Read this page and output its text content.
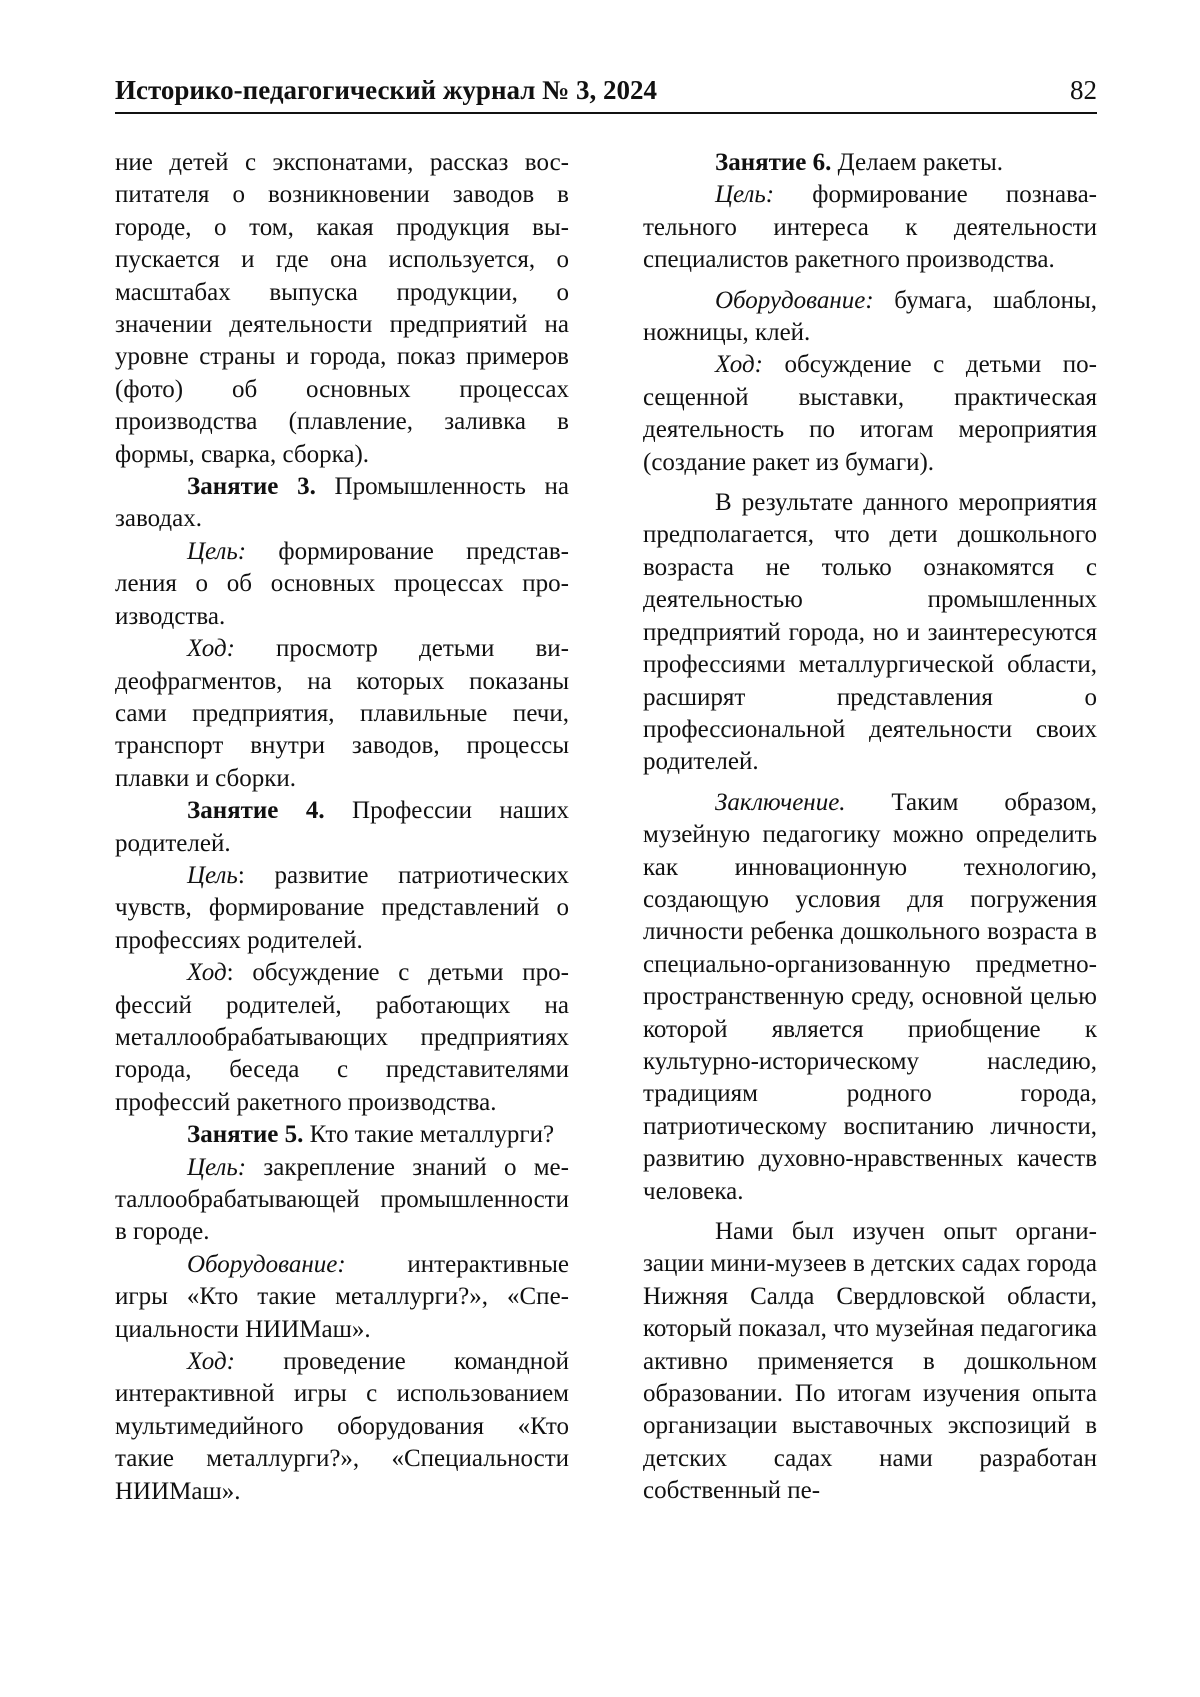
Историко-педагогический журнал № 3, 2024	82

ние детей с экспонатами, рассказ воспитателя о возникновении заводов в городе, о том, какая продукция выпускается и где она используется, о масштабах выпуска продукции, о значении деятельности предприятий на уровне страны и города, показ примеров (фото) об основных процессах производства (плавление, заливка в формы, сварка, сборка).

Занятие 3. Промышленность на заводах.

Цель: формирование представления о об основных процессах производства.

Ход: просмотр детьми видеофрагментов, на которых показаны сами предприятия, плавильные печи, транспорт внутри заводов, процессы плавки и сборки.

Занятие 4. Профессии наших родителей.

Цель: развитие патриотических чувств, формирование представлений о профессиях родителей.

Ход: обсуждение с детьми профессий родителей, работающих на металлообрабатывающих предприятиях города, беседа с представителями профессий ракетного производства.

Занятие 5. Кто такие металлурги?

Цель: закрепление знаний о металлообрабатывающей промышленности в городе.

Оборудование: интерактивные игры «Кто такие металлурги?», «Специальности НИИМаш».

Ход: проведение командной интерактивной игры с использованием мультимедийного оборудования «Кто такие металлурги?», «Специальности НИИМаш».

Занятие 6. Делаем ракеты.

Цель: формирование познавательного интереса к деятельности специалистов ракетного производства.

Оборудование: бумага, шаблоны, ножницы, клей.

Ход: обсуждение с детьми посещенной выставки, практическая деятельность по итогам мероприятия (создание ракет из бумаги).

В результате данного мероприятия предполагается, что дети дошкольного возраста не только ознакомятся с деятельностью промышленных предприятий города, но и заинтересуются профессиями металлургической области, расширят представления о профессиональной деятельности своих родителей.

Заключение. Таким образом, музейную педагогику можно определить как инновационную технологию, создающую условия для погружения личности ребенка дошкольного возраста в специально-организованную предметно-пространственную среду, основной целью которой является приобщение к культурно-историческому наследию, традициям родного города, патриотическому воспитанию личности, развитию духовно-нравственных качеств человека.

Нами был изучен опыт организации мини-музеев в детских садах города Нижняя Салда Свердловской области, который показал, что музейная педагогика активно применяется в дошкольном образовании. По итогам изучения опыта организации выставочных экспозиций в детских садах нами разработан собственный пе-
